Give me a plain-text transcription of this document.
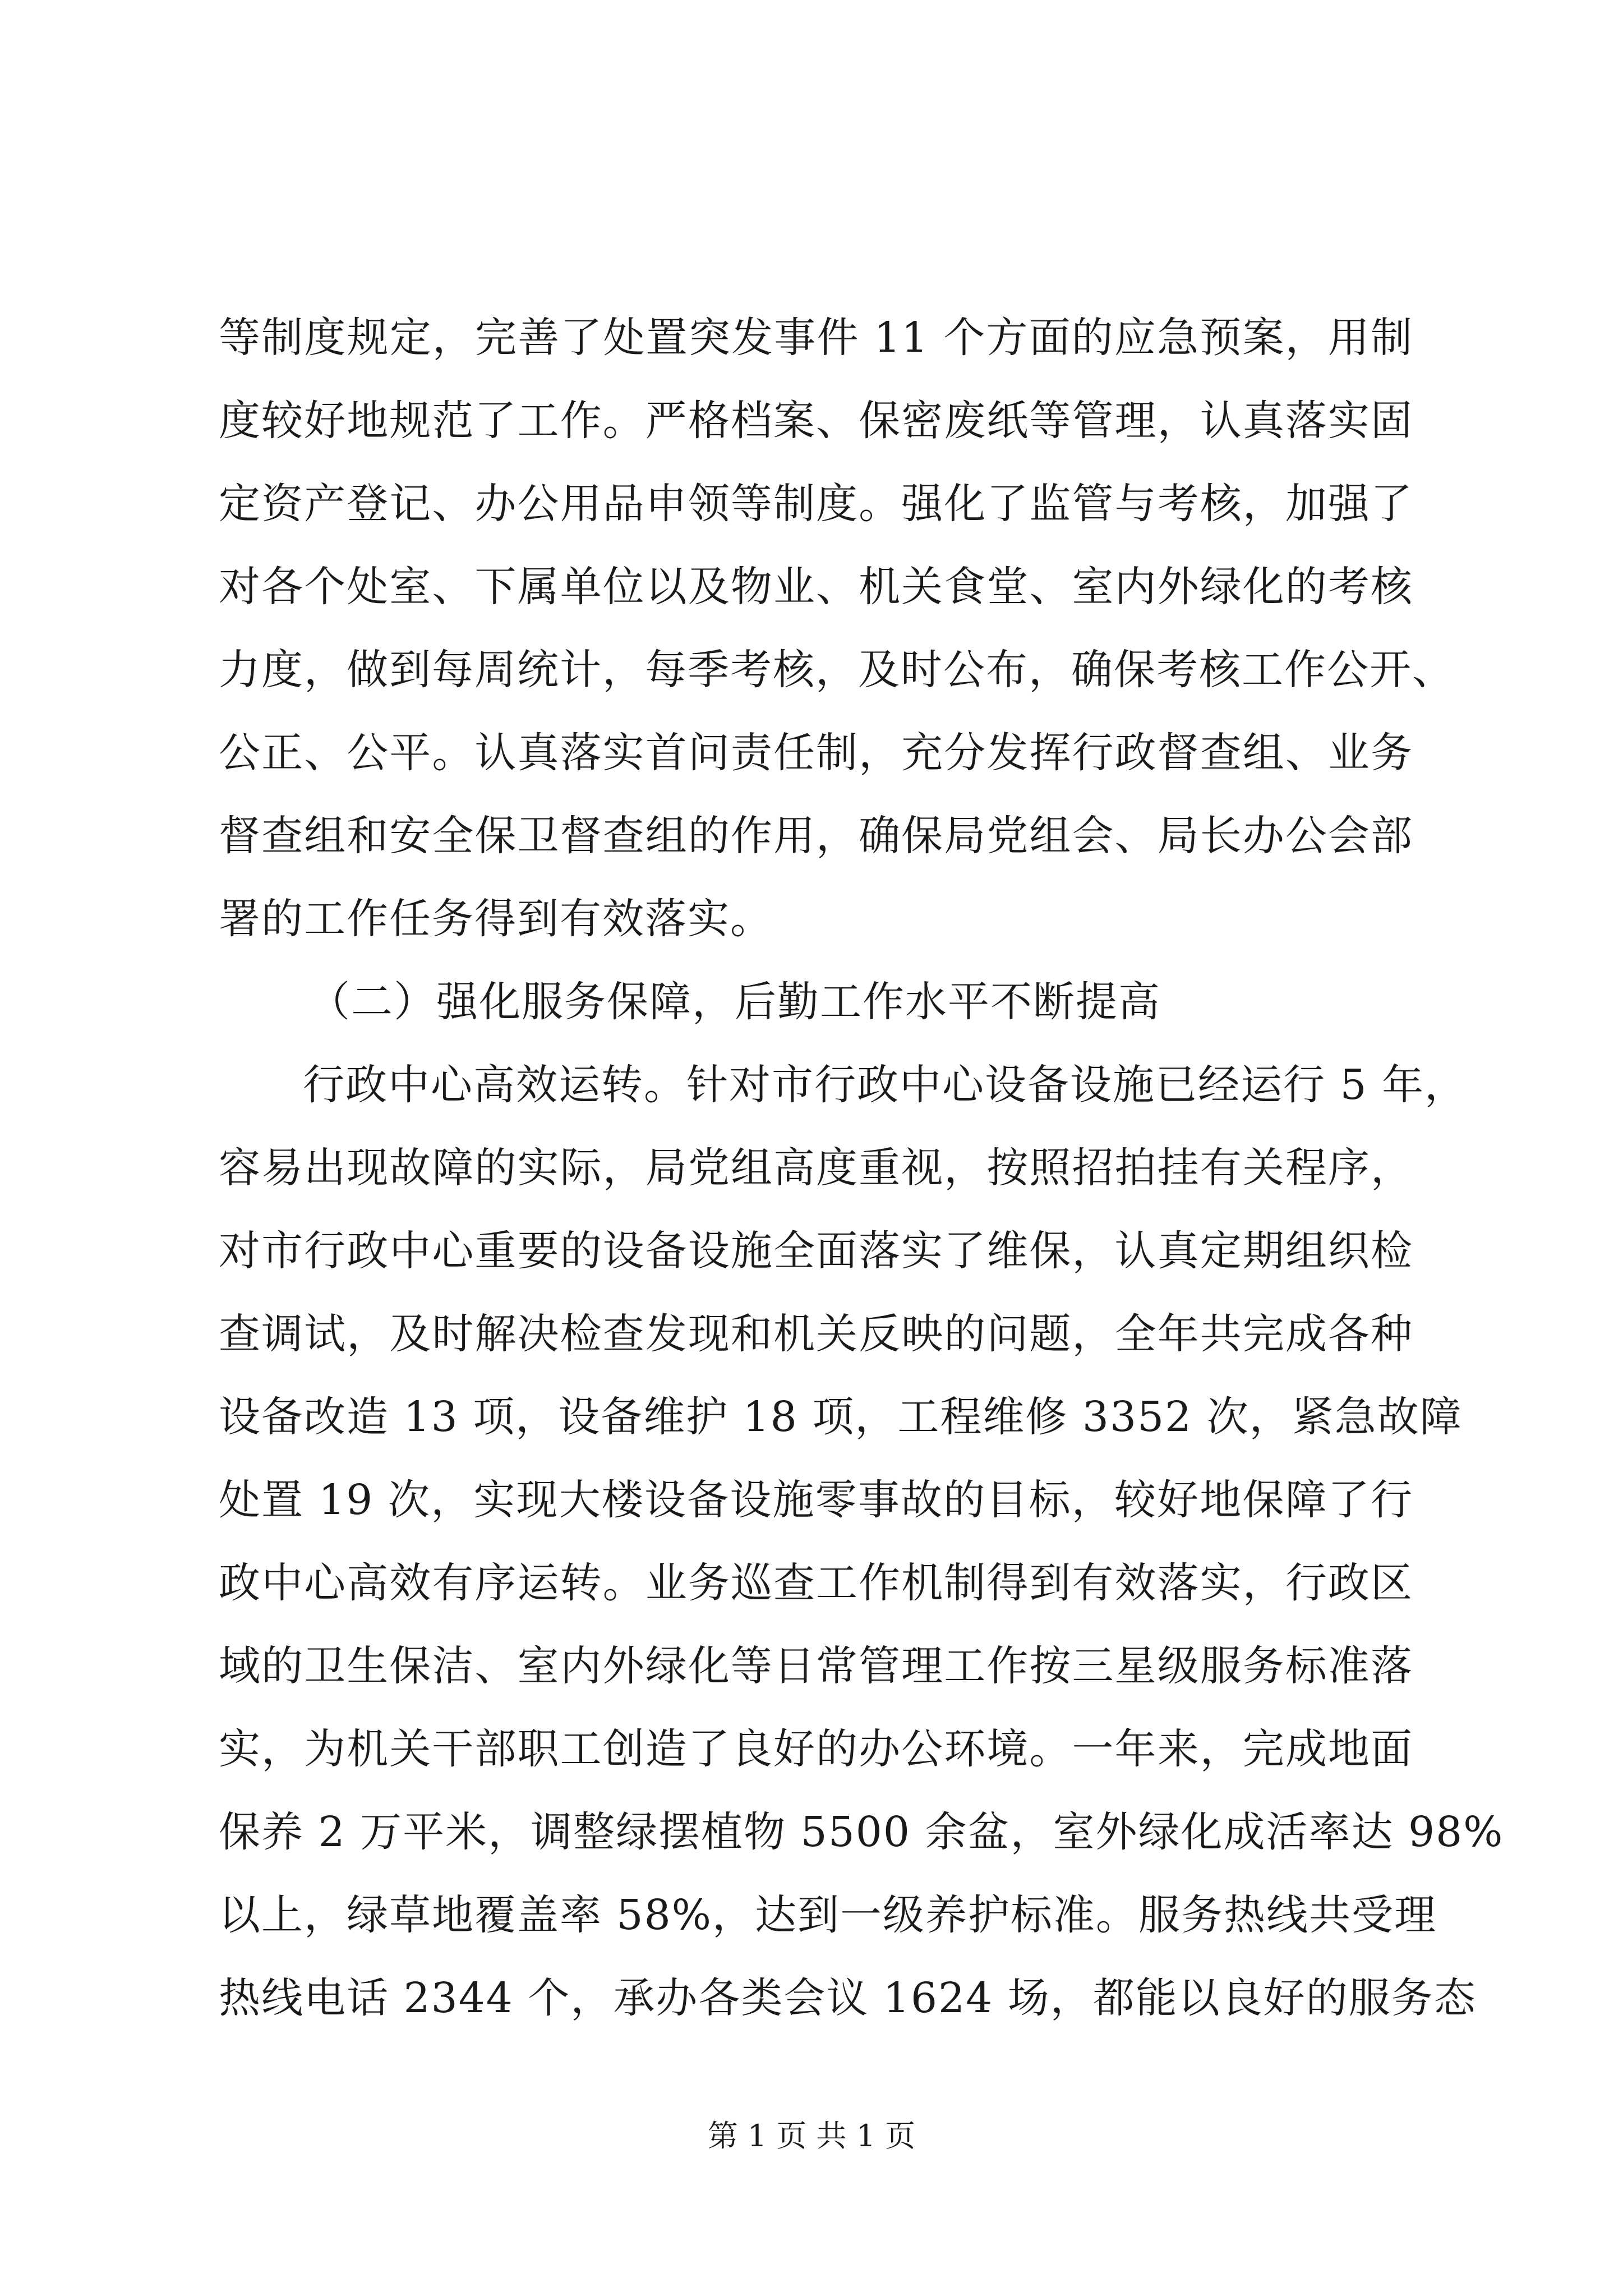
等制度规定，完善了处置突发事件 11 个方面的应急预案，用制
度较好地规范了工作。严格档案、保密废纸等管理，认真落实固
定资产登记、办公用品申领等制度。强化了监管与考核，加强了
对各个处室、下属单位以及物业、机关食堂、室内外绿化的考核
力度，做到每周统计，每季考核，及时公布，确保考核工作公开、
公正、公平。认真落实首问责任制，充分发挥行政督查组、业务
督查组和安全保卫督查组的作用，确保局党组会、局长办公会部
署的工作任务得到有效落实。
（二）强化服务保障，后勤工作水平不断提高
行政中心高效运转。针对市行政中心设备设施已经运行 5 年，
容易出现故障的实际，局党组高度重视，按照招拍挂有关程序，
对市行政中心重要的设备设施全面落实了维保，认真定期组织检
查调试，及时解决检查发现和机关反映的问题，全年共完成各种
设备改造 13 项，设备维护 18 项，工程维修 3352 次，紧急故障
处置 19 次，实现大楼设备设施零事故的目标，较好地保障了行
政中心高效有序运转。业务巡查工作机制得到有效落实，行政区
域的卫生保洁、室内外绿化等日常管理工作按三星级服务标准落
实，为机关干部职工创造了良好的办公环境。一年来，完成地面
保养 2 万平米，调整绿摆植物 5500 余盆，室外绿化成活率达 98%
以上，绿草地覆盖率 58%，达到一级养护标准。服务热线共受理
热线电话 2344 个，承办各类会议 1624 场，都能以良好的服务态
第 1 页 共 1 页
